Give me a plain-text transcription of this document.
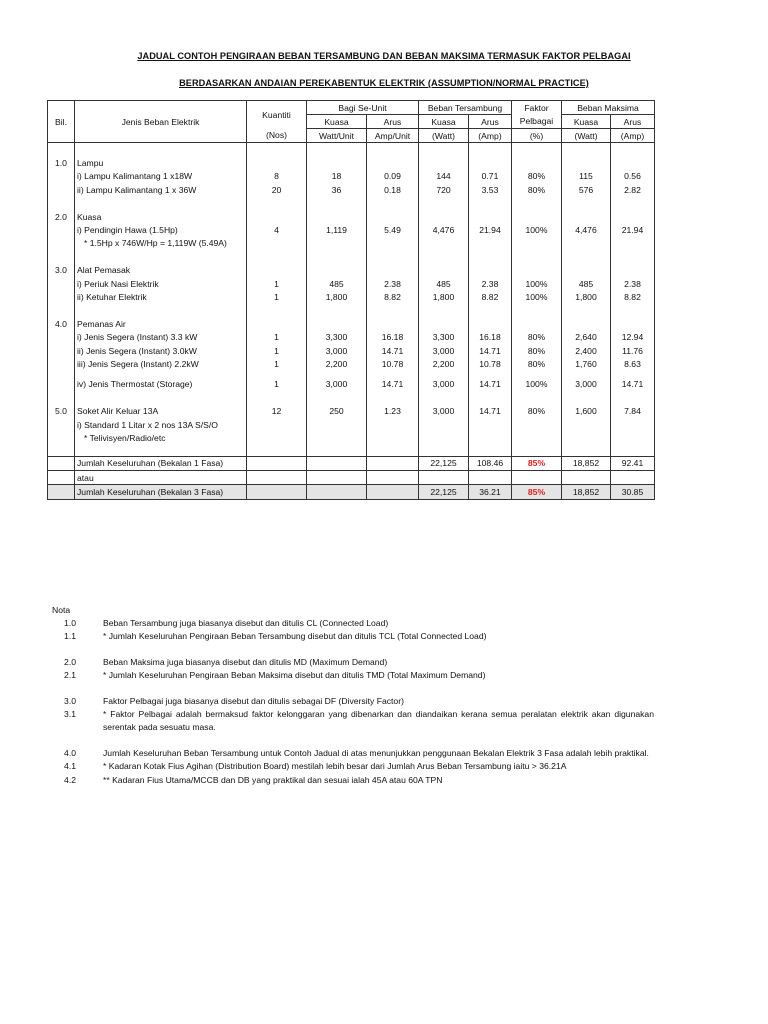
JADUAL CONTOH PENGIRAAN BEBAN TERSAMBUNG DAN BEBAN MAKSIMA TERMASUK FAKTOR PELBAGAI
BERDASARKAN ANDAIAN PEREKABENTUK ELEKTRIK (ASSUMPTION/NORMAL PRACTICE)
Bil.	Jenis Beban Elektrik	Kuantiti	Bagi Se-Unit		Beban Tersambung		Faktor	Beban Maksima	
			Kuasa	Arus	Kuasa	Arus	Pelbagai	Kuasa	Arus
		(Nos)	Watt/Unit	Amp/Unit	(Watt)	(Amp)	(%)	(Watt)	(Amp)

1.0	Lampu								
	i) Lampu Kalimantang 1 x18W	8	18	0.09	144	0.71	80%	115	0.56
	ii) Lampu Kalimantang 1 x 36W	20	36	0.18	720	3.53	80%	576	2.82

2.0	Kuasa								
	i) Pendingin Hawa (1.5Hp)	4	1,119	5.49	4,476	21.94	100%	4,476	21.94
	* 1.5Hp x 746W/Hp = 1,119W (5.49A)								

3.0	Alat Pemasak								
	i) Periuk Nasi Elektrik	1	485	2.38	485	2.38	100%	485	2.38
	ii) Ketuhar Elektrik	1	1,800	8.82	1,800	8.82	100%	1,800	8.82

4.0	Pemanas Air								
	i) Jenis Segera (Instant) 3.3 kW	1	3,300	16.18	3,300	16.18	80%	2,640	12.94
	ii) Jenis Segera (Instant) 3.0kW	1	3,000	14.71	3,000	14.71	80%	2,400	11.76
	iii) Jenis Segera (Instant) 2.2kW	1	2,200	10.78	2,200	10.78	80%	1,760	8.63

	iv) Jenis Thermostat (Storage)	1	3,000	14.71	3,000	14.71	100%	3,000	14.71

5.0	Soket Alir Keluar 13A	12	250	1.23	3,000	14.71	80%	1,600	7.84
	i) Standard 1 Litar x 2 nos 13A S/S/O								
	* Telivisyen/Radio/etc								

	Jumlah Keseluruhan (Bekalan 1 Fasa)				22,125	108.46	85%	18,852	92.41
	atau								
	Jumlah Keseluruhan (Bekalan 3 Fasa)				22,125	36.21	85%	18,852	30.85
Nota
1.0	Beban Tersambung juga biasanya disebut dan ditulis CL (Connected Load)
1.1	* Jumlah Keseluruhan Pengiraan Beban Tersambung disebut dan ditulis TCL (Total Connected Load)
2.0	Beban Maksima juga biasanya disebut dan ditulis MD (Maximum Demand)
2.1	* Jumlah Keseluruhan Pengiraan Beban Maksima disebut dan ditulis TMD (Total Maximum Demand)
3.0	Faktor Pelbagai juga biasanya disebut dan ditulis sebagai DF (Diversity Factor)
3.1	* Faktor Pelbagai adalah bermaksud faktor kelonggaran yang dibenarkan dan diandaikan kerana semua peralatan elektrik akan digunakan serentak pada sesuatu masa.
4.0	Jumlah Keseluruhan Beban Tersambung untuk Contoh Jadual di atas menunjukkan penggunaan Bekalan Elektrik 3 Fasa adalah lebih praktikal.
4.1	* Kadaran Kotak Fius Agihan (Distribution Board) mestilah lebih besar dari Jumlah Arus Beban Tersambung iaitu > 36.21A
4.2	** Kadaran Fius Utama/MCCB dan DB yang praktikal dan sesuai ialah 45A atau 60A TPN
